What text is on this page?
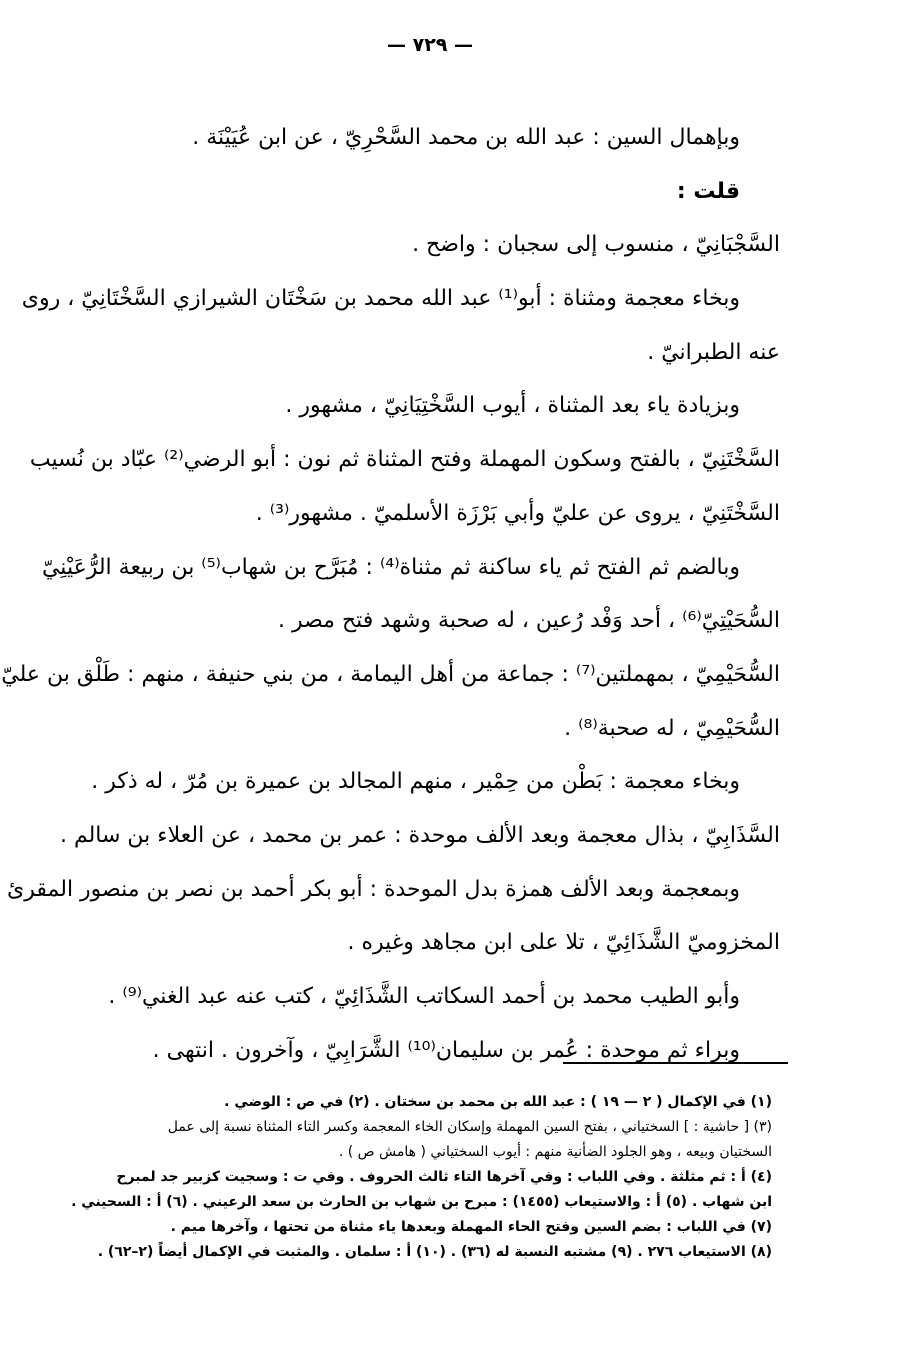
— ٧٢٩ —
وبإهمال السين : عبد الله بن محمد السَّحْرِيّ ، عن ابن عُيَيْنَة .
قلت :
السَّجْبَانِيّ ، منسوب إلى سجبان : واضح .
وبخاء معجمة ومثناة : أبو⁽¹⁾ عبد الله محمد بن سَخْتَان الشيرازي السَّخْتَانِيّ ، روى
عنه الطبرانيّ .
وبزيادة ياء بعد المثناة ، أيوب السَّخْتِيَانِيّ ، مشهور .
السَّخْتَنِيّ ، بالفتح وسكون المهملة وفتح المثناة ثم نون : أبو الرضي⁽²⁾ عبّاد بن نُسيب
السَّخْتَنِيّ ، يروى عن عليّ وأبي بَرْزَة الأسلميّ . مشهور⁽³⁾ .
وبالضم ثم الفتح ثم ياء ساكنة ثم مثناة⁽⁴⁾ : مُبَرَّح بن شهاب⁽⁵⁾ بن ربيعة الرُّعَيْنِيّ
السُّحَيْتِيّ⁽⁶⁾ ، أحد وَفْد رُعين ، له صحبة وشهد فتح مصر .
السُّحَيْمِيّ ، بمهملتين⁽⁷⁾ : جماعة من أهل اليمامة ، من بني حنيفة ، منهم : طَلْق بن عليّ
السُّحَيْمِيّ ، له صحبة⁽⁸⁾ .
وبخاء معجمة : بَطْن من حِمْير ، منهم المجالد بن عميرة بن مُرّ ، له ذكر .
السَّذَابِيّ ، بذال معجمة وبعد الألف موحدة : عمر بن محمد ، عن العلاء بن سالم .
وبمعجمة وبعد الألف همزة بدل الموحدة : أبو بكر أحمد بن نصر بن منصور المقرئ
المخزوميّ الشَّذَائِيّ ، تلا على ابن مجاهد وغيره .
وأبو الطيب محمد بن أحمد السكاتب الشَّذَائِيّ ، كتب عنه عبد الغني⁽⁹⁾ .
وبراء ثم موحدة : عُمر بن سليمان⁽¹⁰⁾ الشَّرَابِيّ ، وآخرون . انتهى .
(١) في الإكمال ( ٢ — ١٩ ) : عبد الله بن محمد بن سختان . (٢) في ص : الوضي .
(٣) [ حاشية : ] السختياني ، بفتح السين المهملة وإسكان الخاء المعجمة وكسر التاء المثناة نسبة إلى عمل
السختيان وبيعه ، وهو الجلود الضأنية منهم : أيوب السختياني ( هامش ص ) .
(٤) أ : ثم مثلثة . وفي اللباب : وفي آخرها التاء ثالث الحروف . وفي ت : وسجيت كزبير جد لمبرح
ابن شهاب . (٥) أ : والاستيعاب (١٤٥٥) : مبرح بن شهاب بن الحارث بن سعد الرعيني . (٦) أ : السحيني .
(٧) في اللباب : بضم السين وفتح الحاء المهملة وبعدها ياء مثناة من تحتها ، وآخرها ميم .
(٨) الاستيعاب ٢٧٦ . (٩) مشتبه النسبة له (٣٦) . (١٠) أ : سلمان . والمثبت في الإكمال أيضاً (٢–٦٢) .
